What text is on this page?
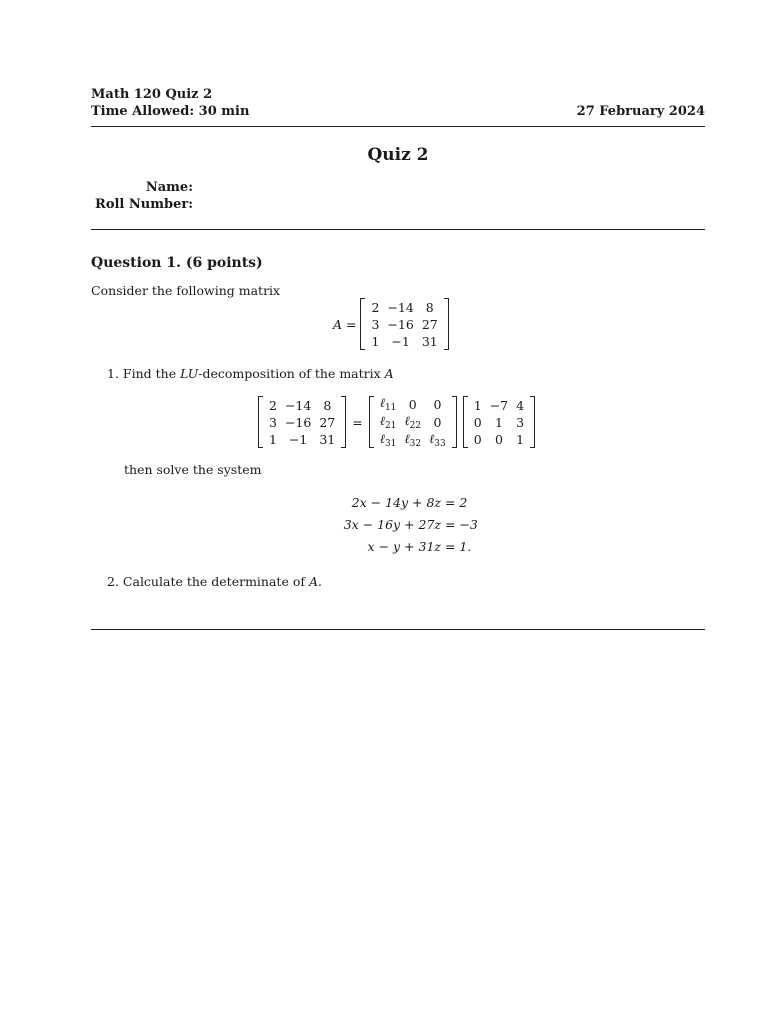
Math 120 Quiz 2
Time Allowed: 30 min	27 February 2024
Quiz 2
Name:
Roll Number:
Question 1. (6 points)
Consider the following matrix
A =
2	−14	8
3	−16	27
1	−1	31
1. Find the LU-decomposition of the matrix A
2	−14	8
3	−16	27
1	−1	31
=
ℓ$_{11}$	0	0
ℓ$_{21}$	ℓ$_{22}$	0
ℓ$_{31}$	ℓ$_{32}$	ℓ$_{33}$
1	−7	4
0	1	3
0	0	1
then solve the system
2x − 14y + 8z
= 2
3x − 16y + 27z
= −3
x − y + 31z
= 1.
2. Calculate the determinate of A.
